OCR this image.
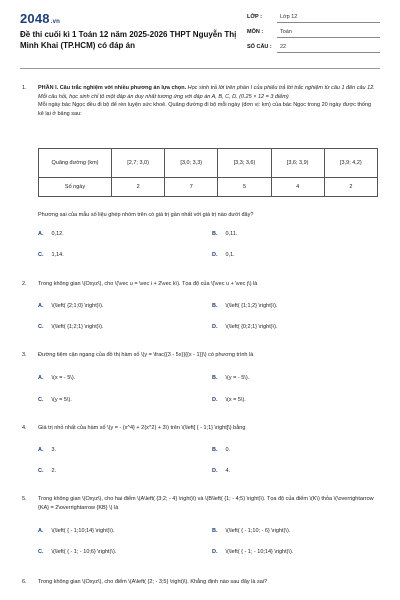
2048.vn
Đề thi cuối kì 1 Toán 12 năm 2025-2026 THPT Nguyễn Thị Minh Khai (TP.HCM) có đáp án
LỚP :	Lớp 12
MÔN :	Toán
SỐ CÂU : 22
1. PHẦN I. Câu trắc nghiệm với nhiều phương án lựa chọn. Học sinh trả lời trên phần I của phiếu trả lời trắc nghiệm từ câu 1 đến câu 12. Mỗi câu hỏi, học sinh chỉ tô một đáp án duy nhất tương ứng với đáp án A, B, C, D. (0.25 × 12 = 3 điểm)
Mỗi ngày bác Ngọc đều đi bộ để rèn luyện sức khoẻ. Quãng đường đi bộ mỗi ngày (đơn vị: km) của bác Ngọc trong 20 ngày được thống kê lại ở bảng sau:
Quãng đường (km)	[2,7; 3,0)	[3,0; 3,3)	[3,3; 3,6)	[3,6; 3,9)	[3,9; 4,2)
Số ngày	2	7	5	4	2
Phương sai của mẫu số liệu ghép nhóm trên có giá trị gần nhất với giá trị nào dưới đây?
A. 0,12.	B. 0,11.
C. 1,14.	D. 0,1.
2. Trong không gian \(Oxyz\), cho \(\vec u = \vec i + 2\vec k\). Tọa độ của \(\vec u + \vec j\) là
A. \(\left( {2;1;0} \right)\).	B. \(\left( {1;1;2} \right)\).
C. \(\left( {1;2;1} \right)\).	D. \(\left( {0;2;1} \right)\).
3. Đường tiệm cận ngang của đồ thị hàm số \(y = \frac{{3 - 5x}}{{x - 1}}\) có phương trình là
A. \(x = - 5\).	B. \(y = - 5\).
C. \(y = 5\).	D. \(x = 5\).
4. Giá trị nhỏ nhất của hàm số \(y = - {x^4} + 2{x^2} + 3\) trên \(\left[ { - 1;1} \right]\) bằng
A. 3.	B. 0.
C. 2.	D. 4.
5. Trong không gian \(Oxyz\), cho hai điểm \(A\left( {3;2; - 4} \right)\) và \(B\left( {1; - 4;5} \right)\). Tọa độ của điểm \(K\) thỏa \(\overrightarrow {KA} = 2\overrightarrow {KB} \) là
A. \(\left( { - 1;10;14} \right)\).	B. \(\left( { - 1;10; - 6} \right)\).
C. \(\left( { - 1; - 10;6} \right)\).	D. \(\left( { - 1; - 10;14} \right)\).
6. Trong không gian \(Oxyz\), cho điểm \(A\left( {2; - 3;5} \right)\). Khẳng định nào sau đây là sai?
